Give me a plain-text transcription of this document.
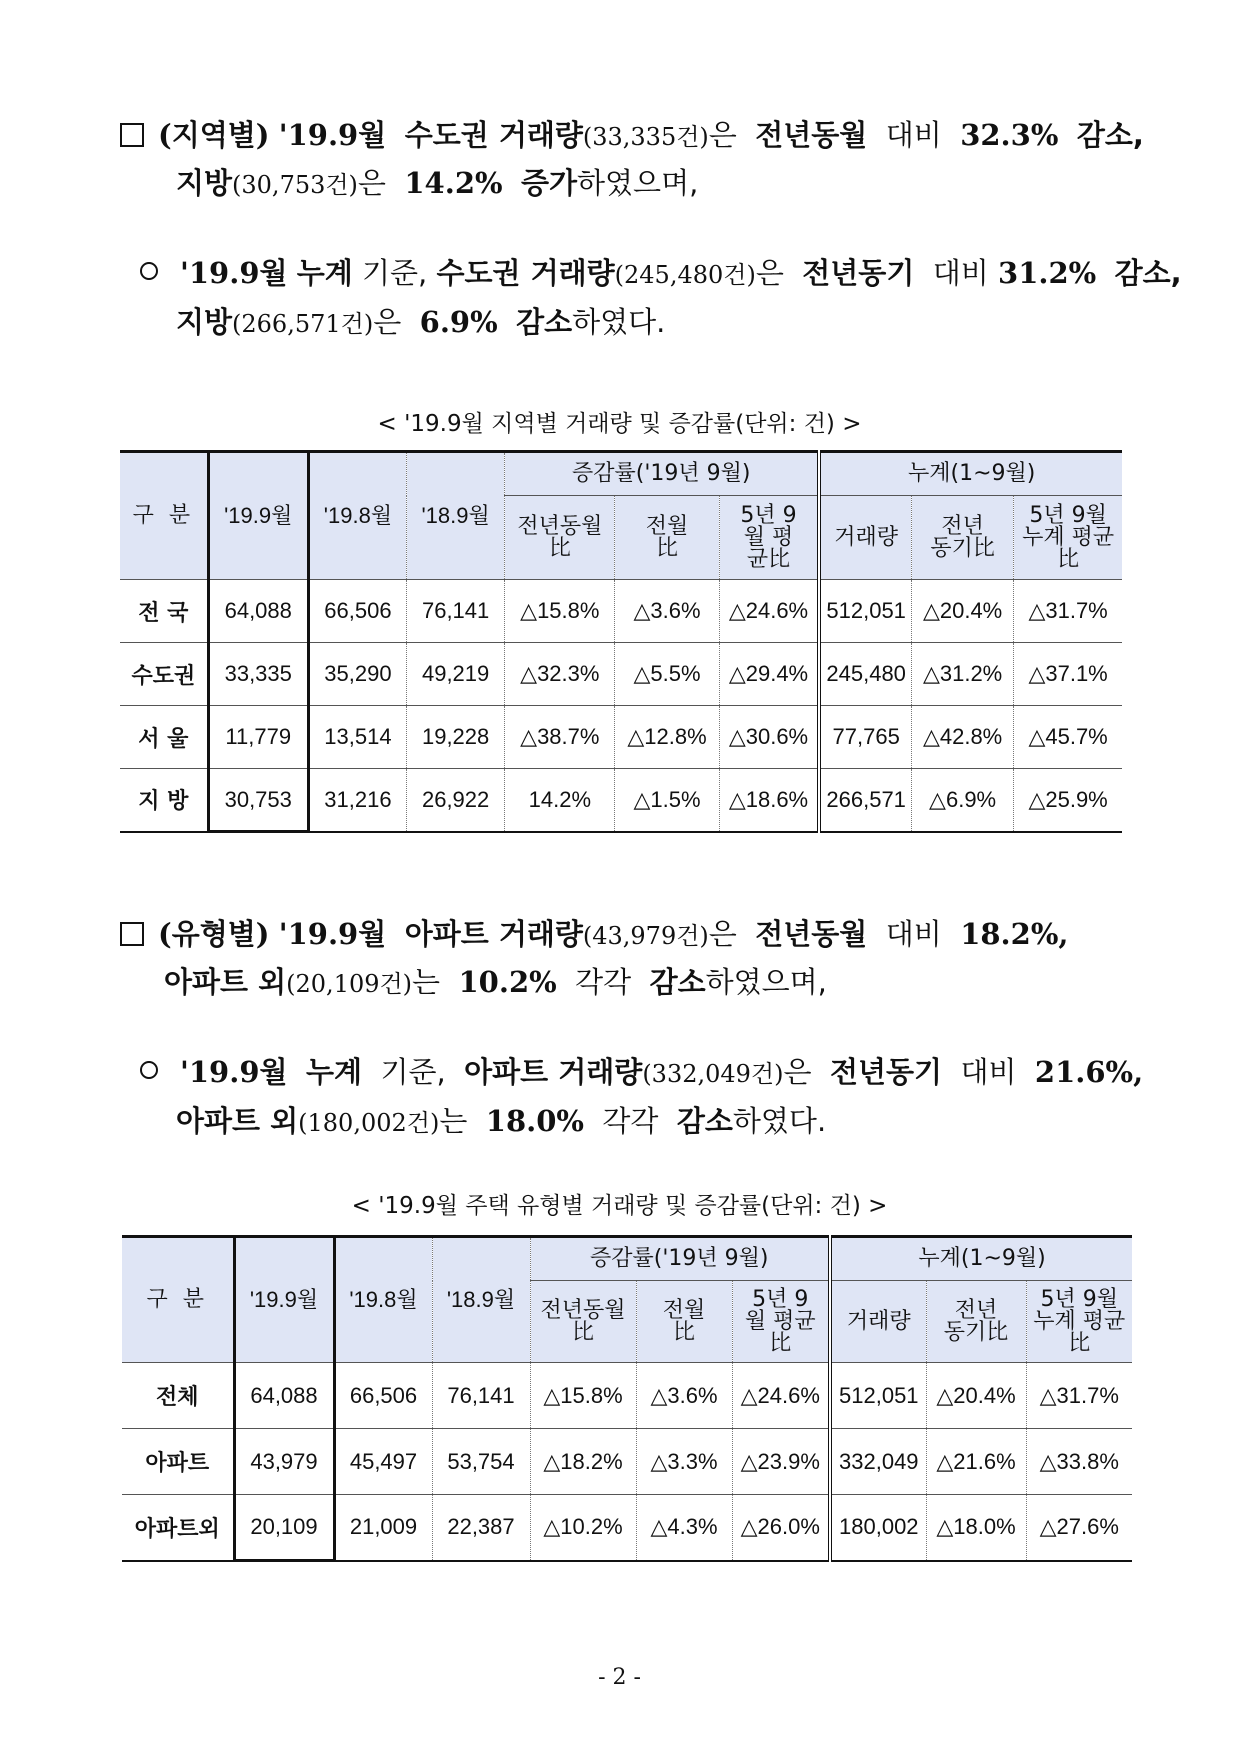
(지역별) '19.9월 수도권 거래량(33,335건)은 전년동월 대비 32.3% 감소,
지방(30,753건)은 14.2% 증가하였으며,
'19.9월 누계 기준, 수도권 거래량(245,480건)은 전년동기 대비 31.2% 감소,
지방(266,571건)은 6.9% 감소하였다.
< '19.9월 지역별 거래량 및 증감률(단위: 건) >
구 분	'19.9월	'19.8월	'18.9월	증감률('19년 9월)			누계(1~9월)		
				전년동월比	전월比	5년 9월 평균比	거래량	전년 동기比	5년 9월누계 평균比
전 국	64,088	66,506	76,141	△15.8%	△3.6%	△24.6%	512,051	△20.4%	△31.7%
수도권	33,335	35,290	49,219	△32.3%	△5.5%	△29.4%	245,480	△31.2%	△37.1%
서 울	11,779	13,514	19,228	△38.7%	△12.8%	△30.6%	77,765	△42.8%	△45.7%
지 방	30,753	31,216	26,922	14.2%	△1.5%	△18.6%	266,571	△6.9%	△25.9%
(유형별) '19.9월 아파트 거래량(43,979건)은 전년동월 대비 18.2%,
아파트 외(20,109건)는 10.2% 각각 감소하였으며,
'19.9월 누계 기준, 아파트 거래량(332,049건)은 전년동기 대비 21.6%,
아파트 외(180,002건)는 18.0% 각각 감소하였다.
< '19.9월 주택 유형별 거래량 및 증감률(단위: 건) >
구 분	'19.9월	'19.8월	'18.9월	증감률('19년 9월)			누계(1~9월)		
				전년동월比	전월比	5년 9월 평균比	거래량	전년 동기比	5년 9월누계 평균比
전체	64,088	66,506	76,141	△15.8%	△3.6%	△24.6%	512,051	△20.4%	△31.7%
아파트	43,979	45,497	53,754	△18.2%	△3.3%	△23.9%	332,049	△21.6%	△33.8%
아파트외	20,109	21,009	22,387	△10.2%	△4.3%	△26.0%	180,002	△18.0%	△27.6%
- 2 -
